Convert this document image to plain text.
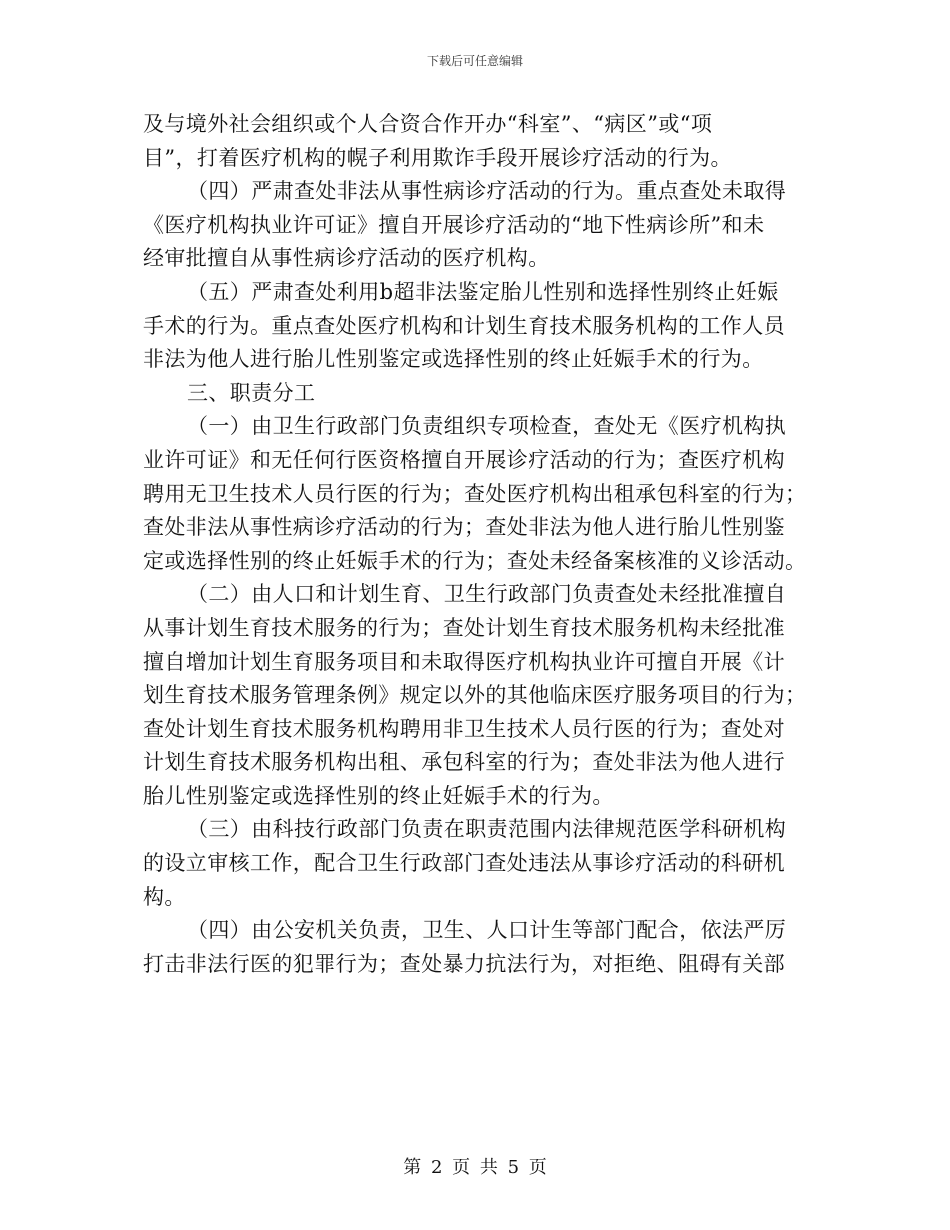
下载后可任意编辑
及与境外社会组织或个人合资合作开办“科室”、“病区”或“项
目”，打着医疗机构的幌子利用欺诈手段开展诊疗活动的行为。
（四）严肃查处非法从事性病诊疗活动的行为。重点查处未取得
《医疗机构执业许可证》擅自开展诊疗活动的“地下性病诊所”和未
经审批擅自从事性病诊疗活动的医疗机构。
（五）严肃查处利用b超非法鉴定胎儿性别和选择性别终止妊娠
手术的行为。重点查处医疗机构和计划生育技术服务机构的工作人员
非法为他人进行胎儿性别鉴定或选择性别的终止妊娠手术的行为。
三、职责分工
（一）由卫生行政部门负责组织专项检查，查处无《医疗机构执
业许可证》和无任何行医资格擅自开展诊疗活动的行为；查医疗机构
聘用无卫生技术人员行医的行为；查处医疗机构出租承包科室的行为；
查处非法从事性病诊疗活动的行为；查处非法为他人进行胎儿性别鉴
定或选择性别的终止妊娠手术的行为；查处未经备案核准的义诊活动。
（二）由人口和计划生育、卫生行政部门负责查处未经批准擅自
从事计划生育技术服务的行为；查处计划生育技术服务机构未经批准
擅自增加计划生育服务项目和未取得医疗机构执业许可擅自开展《计
划生育技术服务管理条例》规定以外的其他临床医疗服务项目的行为；
查处计划生育技术服务机构聘用非卫生技术人员行医的行为；查处对
计划生育技术服务机构出租、承包科室的行为；查处非法为他人进行
胎儿性别鉴定或选择性别的终止妊娠手术的行为。
（三）由科技行政部门负责在职责范围内法律规范医学科研机构
的设立审核工作，配合卫生行政部门查处违法从事诊疗活动的科研机
构。
（四）由公安机关负责，卫生、人口计生等部门配合，依法严厉
打击非法行医的犯罪行为；查处暴力抗法行为，对拒绝、阻碍有关部
第 2 页 共 5 页
